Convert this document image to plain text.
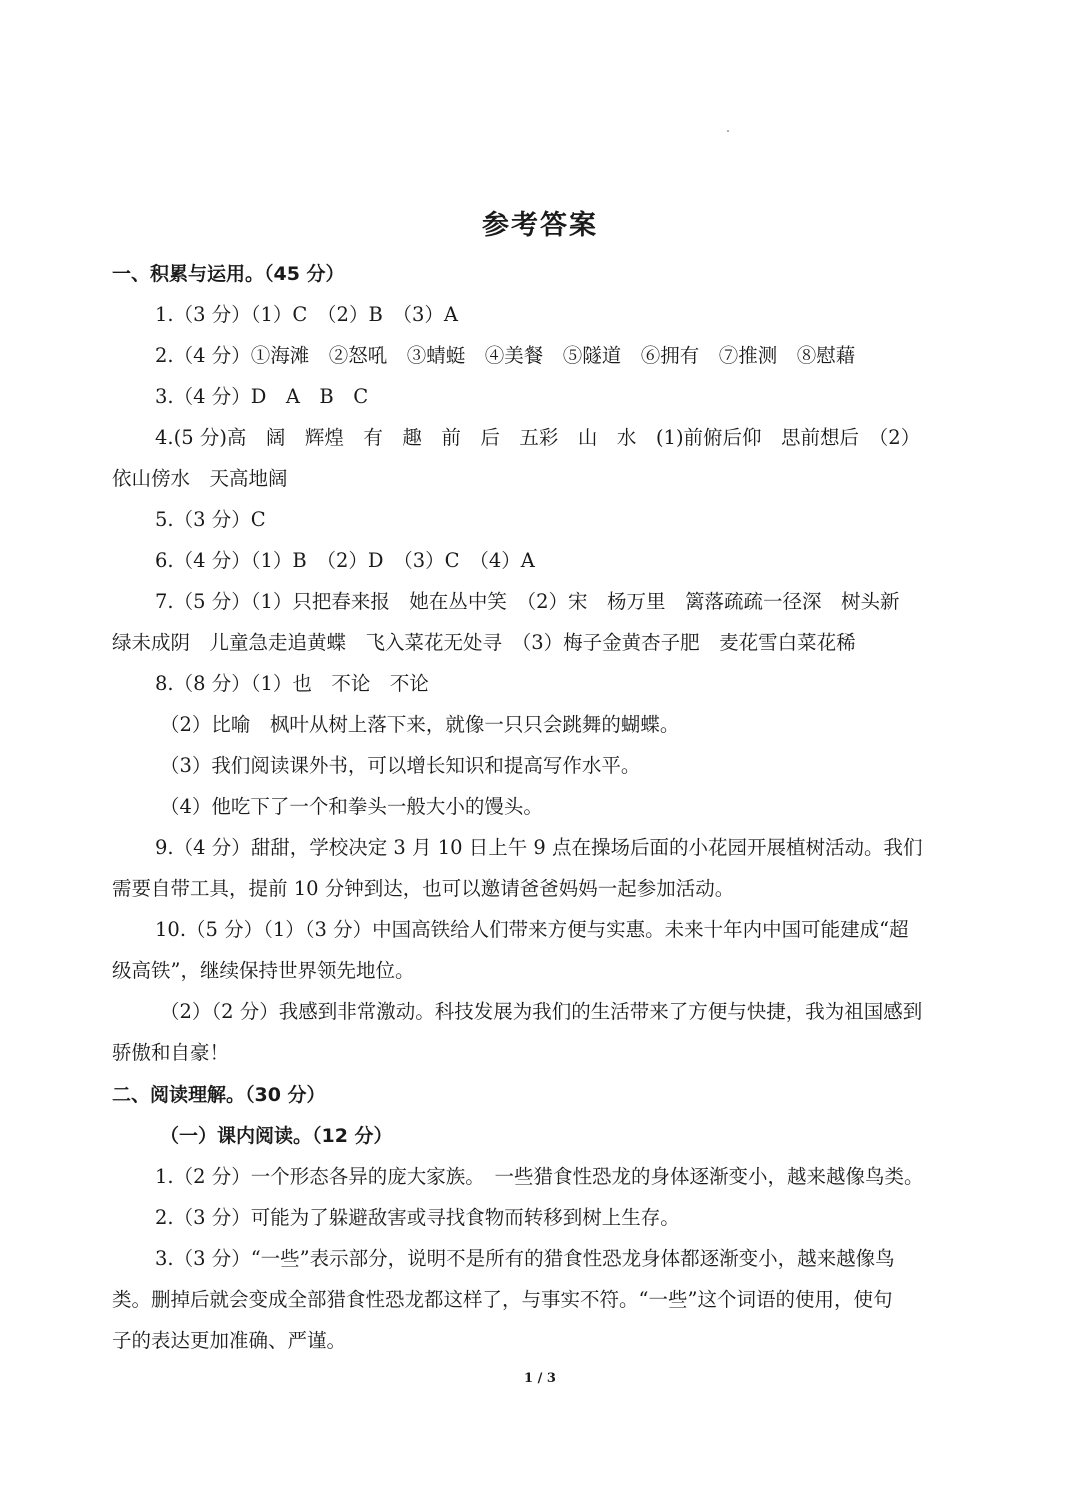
参考答案
一、积累与运用。（45 分）

1.（3 分）（1）C　（2）B　（3）A

2.（4 分）①海滩　②怒吼　③蜻蜓　④美餐　⑤隧道　⑥拥有　⑦推测　⑧慰藉

3.（4 分）D　A　B　C

4.(5 分)高　阔　辉煌　有　趣　前　后　五彩　山　水　(1)前俯后仰　思前想后　（2）

依山傍水　天高地阔

5.（3 分）C

6.（4 分）（1）B　（2）D　（3）C　（4）A

7.（5 分）（1）只把春来报　她在丛中笑　（2）宋　杨万里　篱落疏疏一径深　树头新

绿未成阴　儿童急走追黄蝶　飞入菜花无处寻　（3）梅子金黄杏子肥　麦花雪白菜花稀

8.（8 分）（1）也　不论　不论

（2）比喻　枫叶从树上落下来，就像一只只会跳舞的蝴蝶。

（3）我们阅读课外书，可以增长知识和提高写作水平。

（4）他吃下了一个和拳头一般大小的馒头。

9.（4 分）甜甜，学校决定 3 月 10 日上午 9 点在操场后面的小花园开展植树活动。我们

需要自带工具，提前 10 分钟到达，也可以邀请爸爸妈妈一起参加活动。

10.（5 分）（1）（3 分）中国高铁给人们带来方便与实惠。未来十年内中国可能建成“超

级高铁”，继续保持世界领先地位。

（2）（2 分）我感到非常激动。科技发展为我们的生活带来了方便与快捷，我为祖国感到

骄傲和自豪！

二、阅读理解。（30 分）
（一）课内阅读。（12 分）

1.（2 分）一个形态各异的庞大家族。　一些猎食性恐龙的身体逐渐变小，越来越像鸟类。

2.（3 分）可能为了躲避敌害或寻找食物而转移到树上生存。

3.（3 分）“一些”表示部分，说明不是所有的猎食性恐龙身体都逐渐变小，越来越像鸟

类。删掉后就会变成全部猎食性恐龙都这样了，与事实不符。“一些”这个词语的使用，使句

子的表达更加准确、严谨。

1 / 3
